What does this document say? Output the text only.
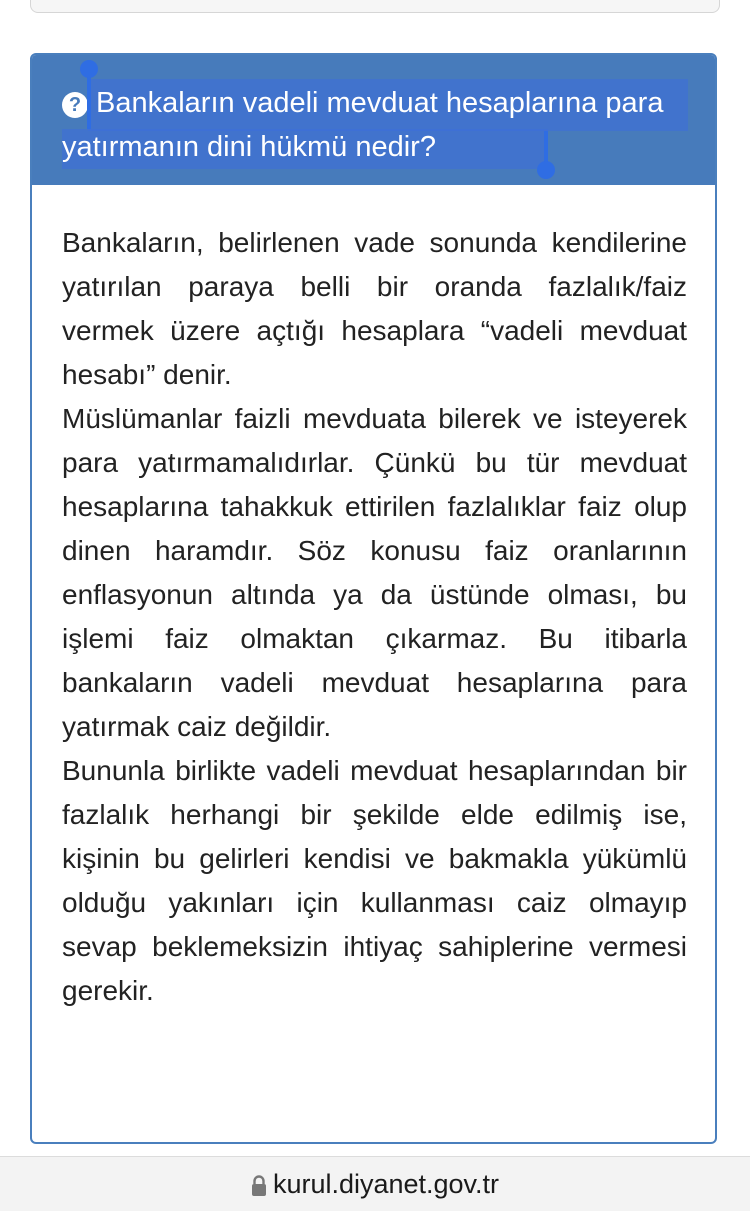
? Bankaların vadeli mevduat hesaplarına para yatırmanın dini hükmü nedir?

Bankaların, belirlenen vade sonunda kendilerine yatırılan paraya belli bir oranda fazlalık/faiz vermek üzere açtığı hesaplara “vadeli mevduat hesabı” denir.

Müslümanlar faizli mevduata bilerek ve isteyerek para yatırmamalıdırlar. Çünkü bu tür mevduat hesaplarına tahakkuk ettirilen fazlalıklar faiz olup dinen haramdır. Söz konusu faiz oranlarının enflasyonun altında ya da üstünde olması, bu işlemi faiz olmaktan çıkarmaz. Bu itibarla bankaların vadeli mevduat hesaplarına para yatırmak caiz değildir.

Bununla birlikte vadeli mevduat hesaplarından bir fazlalık herhangi bir şekilde elde edilmiş ise, kişinin bu gelirleri kendisi ve bakmakla yükümlü olduğu yakınları için kullanması caiz olmayıp sevap beklemeksizin ihtiyaç sahiplerine vermesi gerekir.

kurul.diyanet.gov.tr
